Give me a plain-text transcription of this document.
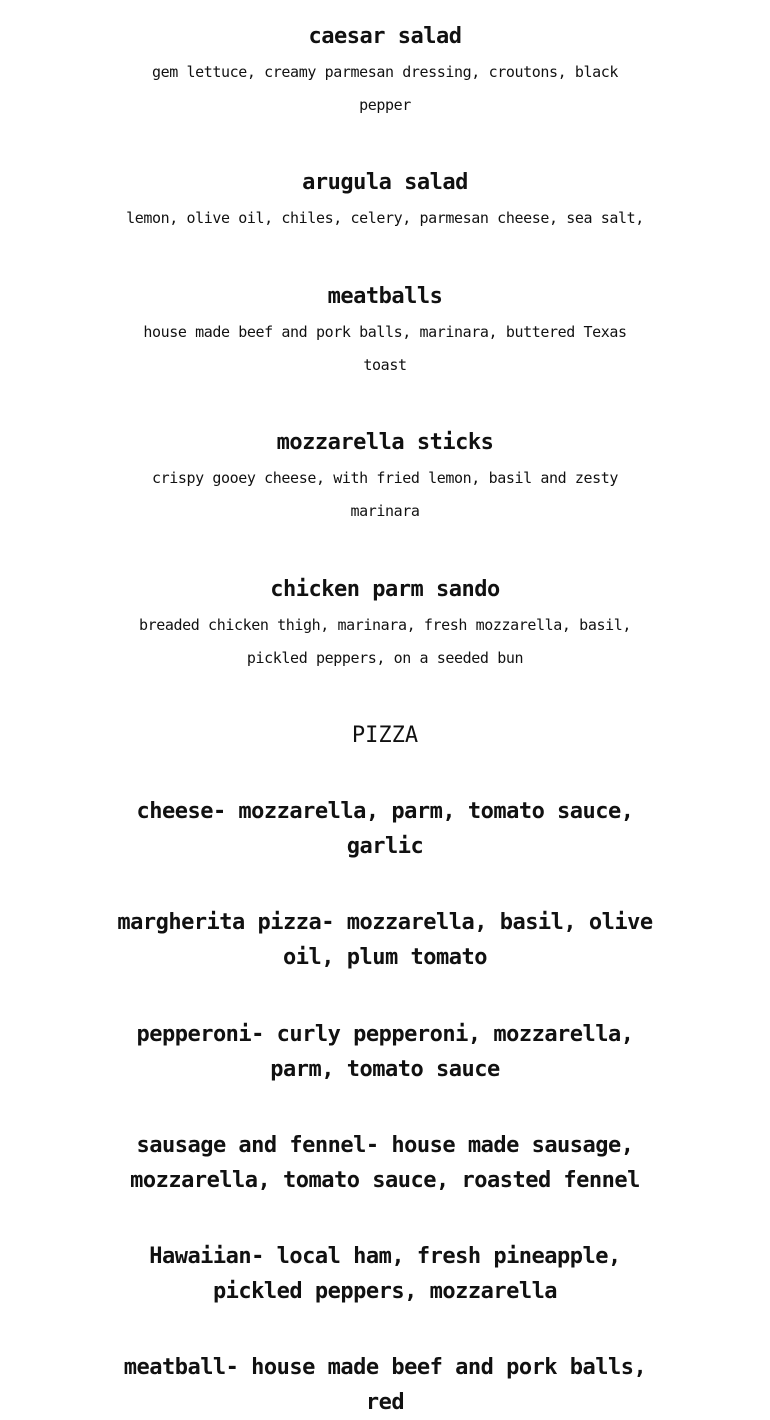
caesar salad

gem lettuce, creamy parmesan dressing, croutons, black pepper

arugula salad

lemon, olive oil, chiles, celery, parmesan cheese, sea salt,

meatballs

house made beef and pork balls, marinara, buttered Texas toast

mozzarella sticks

crispy gooey cheese, with fried lemon, basil and zesty marinara

chicken parm sando

breaded chicken thigh, marinara, fresh mozzarella, basil, pickled peppers, on a seeded bun

PIZZA

cheese- mozzarella, parm, tomato sauce, garlic

margherita pizza- mozzarella, basil, olive oil, plum tomato

pepperoni- curly pepperoni, mozzarella, parm, tomato sauce

sausage and fennel- house made sausage, mozzarella, tomato sauce, roasted fennel

Hawaiian- local ham, fresh pineapple, pickled peppers, mozzarella

meatball- house made beef and pork balls, red
